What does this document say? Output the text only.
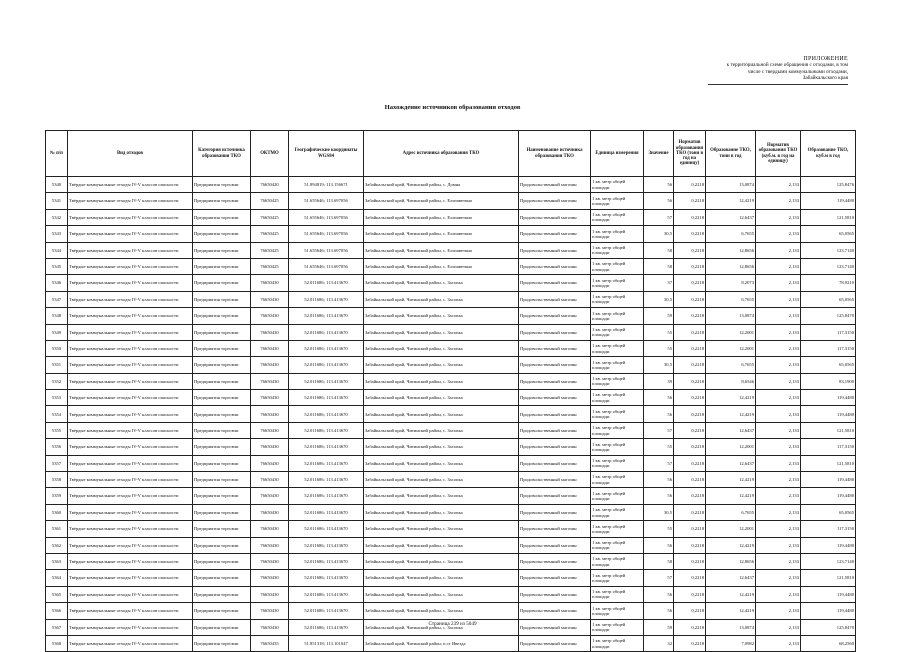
ПРИЛОЖЕНИЕ
к территориальной схеме обращения с отходами, в том
числе с твердыми коммунальными отходами,
Забайкальского края
Нахождение источников образования отходов
№ п/п	Вид отходов	Категория источника образования ТКО	ОКТМО	Географические координаты WGS84	Адрес источника образования ТКО	Наименование источника образования ТКО	Единица измерения	Значение	Норматив образования ТКО (тонн в год на единицу)	Образование ТКО, тонн в год	Норматив образования ТКО (куб.м. в год на единицу)	Образование ТКО, куб.м в год
5340	Твёрдые коммунальные отходы IV-V классов опасности	Предприятия торговли	76650420	51.894819; 113.156671	Забайкальский край, Читинский район, с. Домна	Продовольственный магазин	1 кв. метр общей площади	56	0,2218	13,0874	2,133	125,8476
5341	Твёрдые коммунальные отходы IV-V классов опасности	Предприятия торговли	76650425	51.655646; 113.697056	Забайкальский край, Читинский район, с. Елизаветино	Продовольственный магазин	1 кв. метр общей площади	56	0,2218	12,4219	2,133	119,4480
5342	Твёрдые коммунальные отходы IV-V классов опасности	Предприятия торговли	76650425	51.655646; 113.697056	Забайкальский край, Читинский район, с. Елизаветино	Продовольственный магазин	1 кв. метр общей площади	57	0,2218	12,6437	2,133	121,5810
5343	Твёрдые коммунальные отходы IV-V классов опасности	Предприятия торговли	76650425	51.655646; 113.697056	Забайкальский край, Читинский район, с. Елизаветино	Продовольственный магазин	1 кв. метр общей площади	30,5	0,2218	6,7655	2,133	65,0565
5344	Твёрдые коммунальные отходы IV-V классов опасности	Предприятия торговли	76650425	51.655646; 113.697056	Забайкальский край, Читинский район, с. Елизаветино	Продовольственный магазин	1 кв. метр общей площади	58	0,2218	12,8656	2,133	123,7140
5345	Твёрдые коммунальные отходы IV-V классов опасности	Предприятия торговли	76650425	51.655646; 113.697056	Забайкальский край, Читинский район, с. Елизаветино	Продовольственный магазин	1 кв. метр общей площади	58	0,2218	12,8656	2,133	123,7140
5346	Твёрдые коммунальные отходы IV-V классов опасности	Предприятия торговли	76650430	52.011686; 113.413670	Забайкальский край, Читинский район, с. Засопка	Продовольственный магазин	1 кв. метр общей площади	37	0,2218	8,2073	2,133	78,9210
5347	Твёрдые коммунальные отходы IV-V классов опасности	Предприятия торговли	76650430	52.011686; 113.413670	Забайкальский край, Читинский район, с. Засопка	Продовольственный магазин	1 кв. метр общей площади	30,5	0,2218	6,7655	2,133	65,0565
5348	Твёрдые коммунальные отходы IV-V классов опасности	Предприятия торговли	76650430	52.011686; 113.413670	Забайкальский край, Читинский район, с. Засопка	Продовольственный магазин	1 кв. метр общей площади	59	0,2218	13,0874	2,133	125,8470
5349	Твёрдые коммунальные отходы IV-V классов опасности	Предприятия торговли	76650430	52.011686; 113.413670	Забайкальский край, Читинский район, с. Засопка	Продовольственный магазин	1 кв. метр общей площади	55	0,2218	12,2001	2,133	117,3150
5350	Твёрдые коммунальные отходы IV-V классов опасности	Предприятия торговли	76650430	52.011686; 113.413670	Забайкальский край, Читинский район, с. Засопка	Продовольственный магазин	1 кв. метр общей площади	55	0,2218	12,2001	2,133	117,3150
5351	Твёрдые коммунальные отходы IV-V классов опасности	Предприятия торговли	76650430	52.011686; 113.413670	Забайкальский край, Читинский район, с. Засопка	Продовольственный магазин	1 кв. метр общей площади	30,5	0,2218	6,7655	2,133	65,0565
5352	Твёрдые коммунальные отходы IV-V классов опасности	Предприятия торговли	76650430	52.011686; 113.413670	Забайкальский край, Читинский район, с. Засопка	Продовольственный магазин	1 кв. метр общей площади	39	0,2218	8,6546	2,133	83,1900
5353	Твёрдые коммунальные отходы IV-V классов опасности	Предприятия торговли	76650430	52.011686; 113.413670	Забайкальский край, Читинский район, с. Засопка	Продовольственный магазин	1 кв. метр общей площади	56	0,2218	12,4219	2,133	119,4480
5354	Твёрдые коммунальные отходы IV-V классов опасности	Предприятия торговли	76650430	52.011686; 113.413670	Забайкальский край, Читинский район, с. Засопка	Продовольственный магазин	1 кв. метр общей площади	56	0,2218	12,4219	2,133	119,4480
5355	Твёрдые коммунальные отходы IV-V классов опасности	Предприятия торговли	76650430	52.011686; 113.413670	Забайкальский край, Читинский район, с. Засопка	Продовольственный магазин	1 кв. метр общей площади	57	0,2218	12,6437	2,133	121,5810
5356	Твёрдые коммунальные отходы IV-V классов опасности	Предприятия торговли	76650430	52.011686; 113.413670	Забайкальский край, Читинский район, с. Засопка	Продовольственный магазин	1 кв. метр общей площади	55	0,2218	12,2001	2,133	117,3150
5357	Твёрдые коммунальные отходы IV-V классов опасности	Предприятия торговли	76650430	52.011686; 113.413670	Забайкальский край, Читинский район, с. Засопка	Продовольственный магазин	1 кв. метр общей площади	57	0,2218	12,6437	2,133	121,5810
5358	Твёрдые коммунальные отходы IV-V классов опасности	Предприятия торговли	76650430	52.011686; 113.413670	Забайкальский край, Читинский район, с. Засопка	Продовольственный магазин	1 кв. метр общей площади	56	0,2218	12,4219	2,133	119,4480
5359	Твёрдые коммунальные отходы IV-V классов опасности	Предприятия торговли	76650430	52.011686; 113.413670	Забайкальский край, Читинский район, с. Засопка	Продовольственный магазин	1 кв. метр общей площади	56	0,2218	12,4219	2,133	119,4480
5360	Твёрдые коммунальные отходы IV-V классов опасности	Предприятия торговли	76650430	52.011686; 113.413670	Забайкальский край, Читинский район, с. Засопка	Продовольственный магазин	1 кв. метр общей площади	30,5	0,2218	6,7655	2,133	65,0565
5361	Твёрдые коммунальные отходы IV-V классов опасности	Предприятия торговли	76650430	52.011686; 113.413670	Забайкальский край, Читинский район, с. Засопка	Продовольственный магазин	1 кв. метр общей площади	55	0,2218	12,2001	2,133	117,3150
5362	Твёрдые коммунальные отходы IV-V классов опасности	Предприятия торговли	76650430	52.011686; 113.413670	Забайкальский край, Читинский район, с. Засопка	Продовольственный магазин	1 кв. метр общей площади	56	0,2218	12,4219	2,133	119,4480
5363	Твёрдые коммунальные отходы IV-V классов опасности	Предприятия торговли	76650430	52.011686; 113.413670	Забайкальский край, Читинский район, с. Засопка	Продовольственный магазин	1 кв. метр общей площади	58	0,2218	12,8656	2,133	123,7140
5364	Твёрдые коммунальные отходы IV-V классов опасности	Предприятия торговли	76650430	52.011686; 113.413670	Забайкальский край, Читинский район, с. Засопка	Продовольственный магазин	1 кв. метр общей площади	57	0,2218	12,6437	2,133	121,5810
5365	Твёрдые коммунальные отходы IV-V классов опасности	Предприятия торговли	76650430	52.011686; 113.413670	Забайкальский край, Читинский район, с. Засопка	Продовольственный магазин	1 кв. метр общей площади	56	0,2218	12,4219	2,133	119,4480
5366	Твёрдые коммунальные отходы IV-V классов опасности	Предприятия торговли	76650430	52.011686; 113.413670	Забайкальский край, Читинский район, с. Засопка	Продовольственный магазин	1 кв. метр общей площади	56	0,2218	12,4219	2,133	119,4480
5367	Твёрдые коммунальные отходы IV-V классов опасности	Предприятия торговли	76650430	52.011686; 113.413670	Забайкальский край, Читинский район, с. Засопка	Продовольственный магазин	1 кв. метр общей площади	59	0,2218	13,0874	2,133	125,8470
5368	Твёрдые коммунальные отходы IV-V классов опасности	Предприятия торговли	76650435	51.851318; 113.101047	Забайкальский край, Читинский район, п.ст Ивезда	Продовольственный магазин	1 кв. метр общей площади	32	0,2218	7,0982	2,133	68,2560
Страница 239 из 5049
